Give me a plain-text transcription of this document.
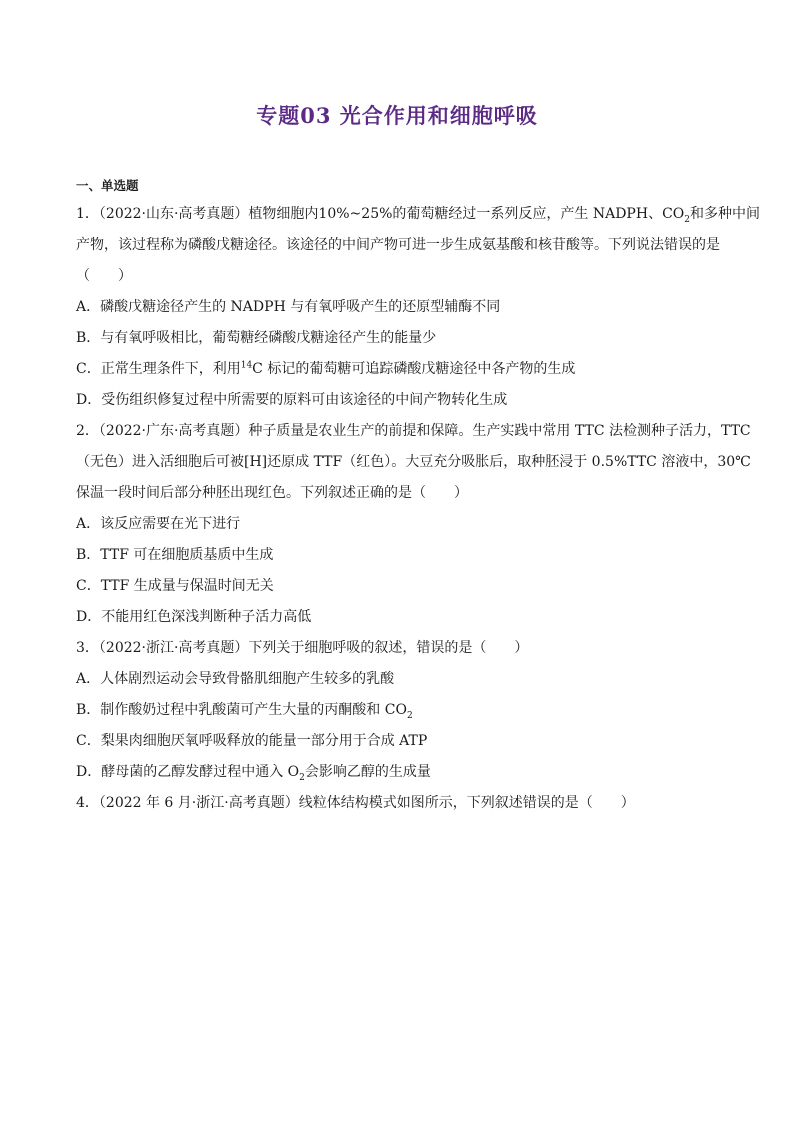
专题03 光合作用和细胞呼吸
一、单选题
1．（2022·山东·高考真题）植物细胞内10%~25%的葡萄糖经过一系列反应，产生 NADPH、$CO_2$和多种中间
产物，该过程称为磷酸戊糖途径。该途径的中间产物可进一步生成氨基酸和核苷酸等。下列说法错误的是
（　　）
A．磷酸戊糖途径产生的 NADPH 与有氧呼吸产生的还原型辅酶不同
B．与有氧呼吸相比，葡萄糖经磷酸戊糖途径产生的能量少
C．正常生理条件下，利用$^{14}$C 标记的葡萄糖可追踪磷酸戊糖途径中各产物的生成
D．受伤组织修复过程中所需要的原料可由该途径的中间产物转化生成
2．（2022·广东·高考真题）种子质量是农业生产的前提和保障。生产实践中常用 TTC 法检测种子活力，TTC
（无色）进入活细胞后可被[H]还原成 TTF（红色）。大豆充分吸胀后，取种胚浸于 0.5%TTC 溶液中，30℃
保温一段时间后部分种胚出现红色。下列叙述正确的是（　　）
A．该反应需要在光下进行
B．TTF 可在细胞质基质中生成
C．TTF 生成量与保温时间无关
D．不能用红色深浅判断种子活力高低
3．（2022·浙江·高考真题）下列关于细胞呼吸的叙述，错误的是（　　）
A．人体剧烈运动会导致骨骼肌细胞产生较多的乳酸
B．制作酸奶过程中乳酸菌可产生大量的丙酮酸和 $CO_2$
C．梨果肉细胞厌氧呼吸释放的能量一部分用于合成 ATP
D．酵母菌的乙醇发酵过程中通入 $O_2$会影响乙醇的生成量
4．（2022 年 6 月·浙江·高考真题）线粒体结构模式如图所示，下列叙述错误的是（　　）
